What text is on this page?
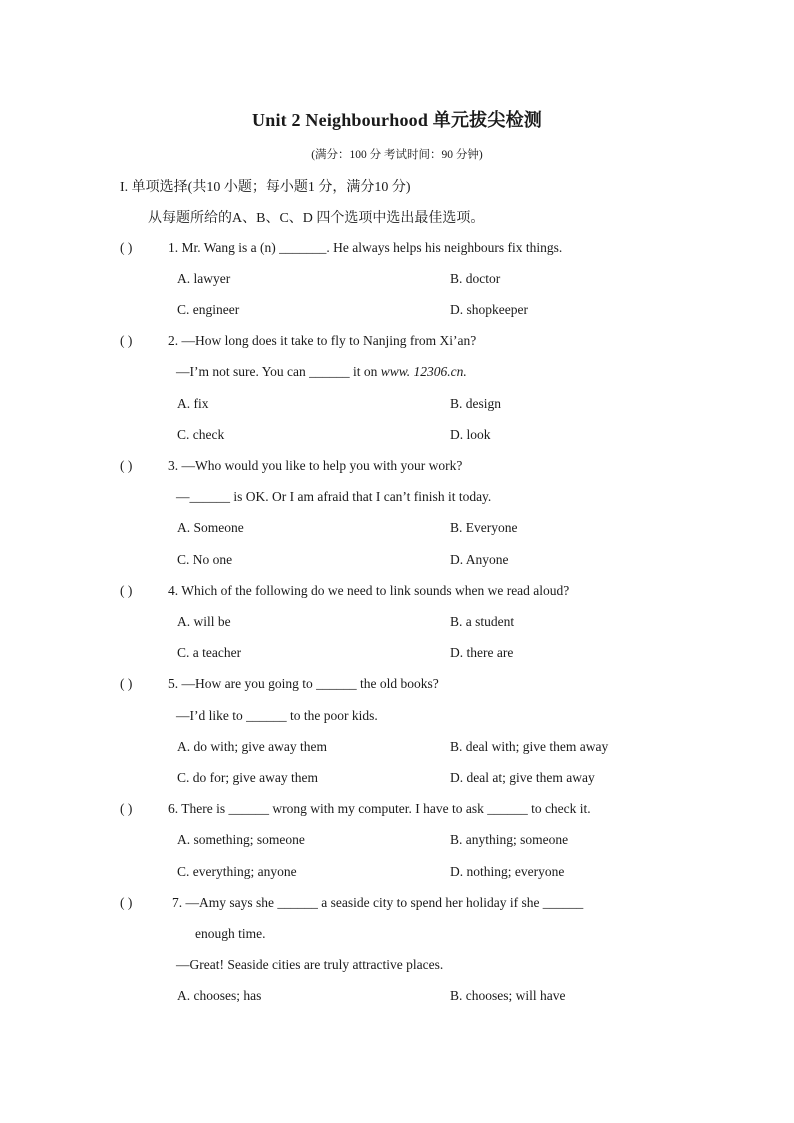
Unit 2 Neighbourhood 单元拔尖检测
(满分：100 分 考试时间：90 分钟)
I. 单项选择(共10 小题；每小题1 分，满分10 分)
从每题所给的A、B、C、D 四个选项中选出最佳选项。
( )	1. Mr. Wang is a (n) _______. He always helps his neighbours fix things.
A. lawyer	B. doctor
C. engineer	D. shopkeeper
( )	2. —How long does it take to fly to Nanjing from Xi’an?
—I’m not sure. You can ______ it on www. 12306.cn.
A. fix	B. design
C. check	D. look
( )	3. —Who would you like to help you with your work?
—______ is OK. Or I am afraid that I can’t finish it today.
A. Someone	B. Everyone
C. No one	D. Anyone
( )	4. Which of the following do we need to link sounds when we read aloud?
A. will be	B. a student
C. a teacher	D. there are
( )	5. —How are you going to ______ the old books?
—I’d like to ______ to the poor kids.
A. do with; give away them	B. deal with; give them away
C. do for; give away them	D. deal at; give them away
( )	6. There is ______ wrong with my computer. I have to ask ______ to check it.
A. something; someone	B. anything; someone
C. everything; anyone	D. nothing; everyone
( )	7. —Amy says she ______ a seaside city to spend her holiday if she ______
enough time.
—Great! Seaside cities are truly attractive places.
A. chooses; has	B. chooses; will have
